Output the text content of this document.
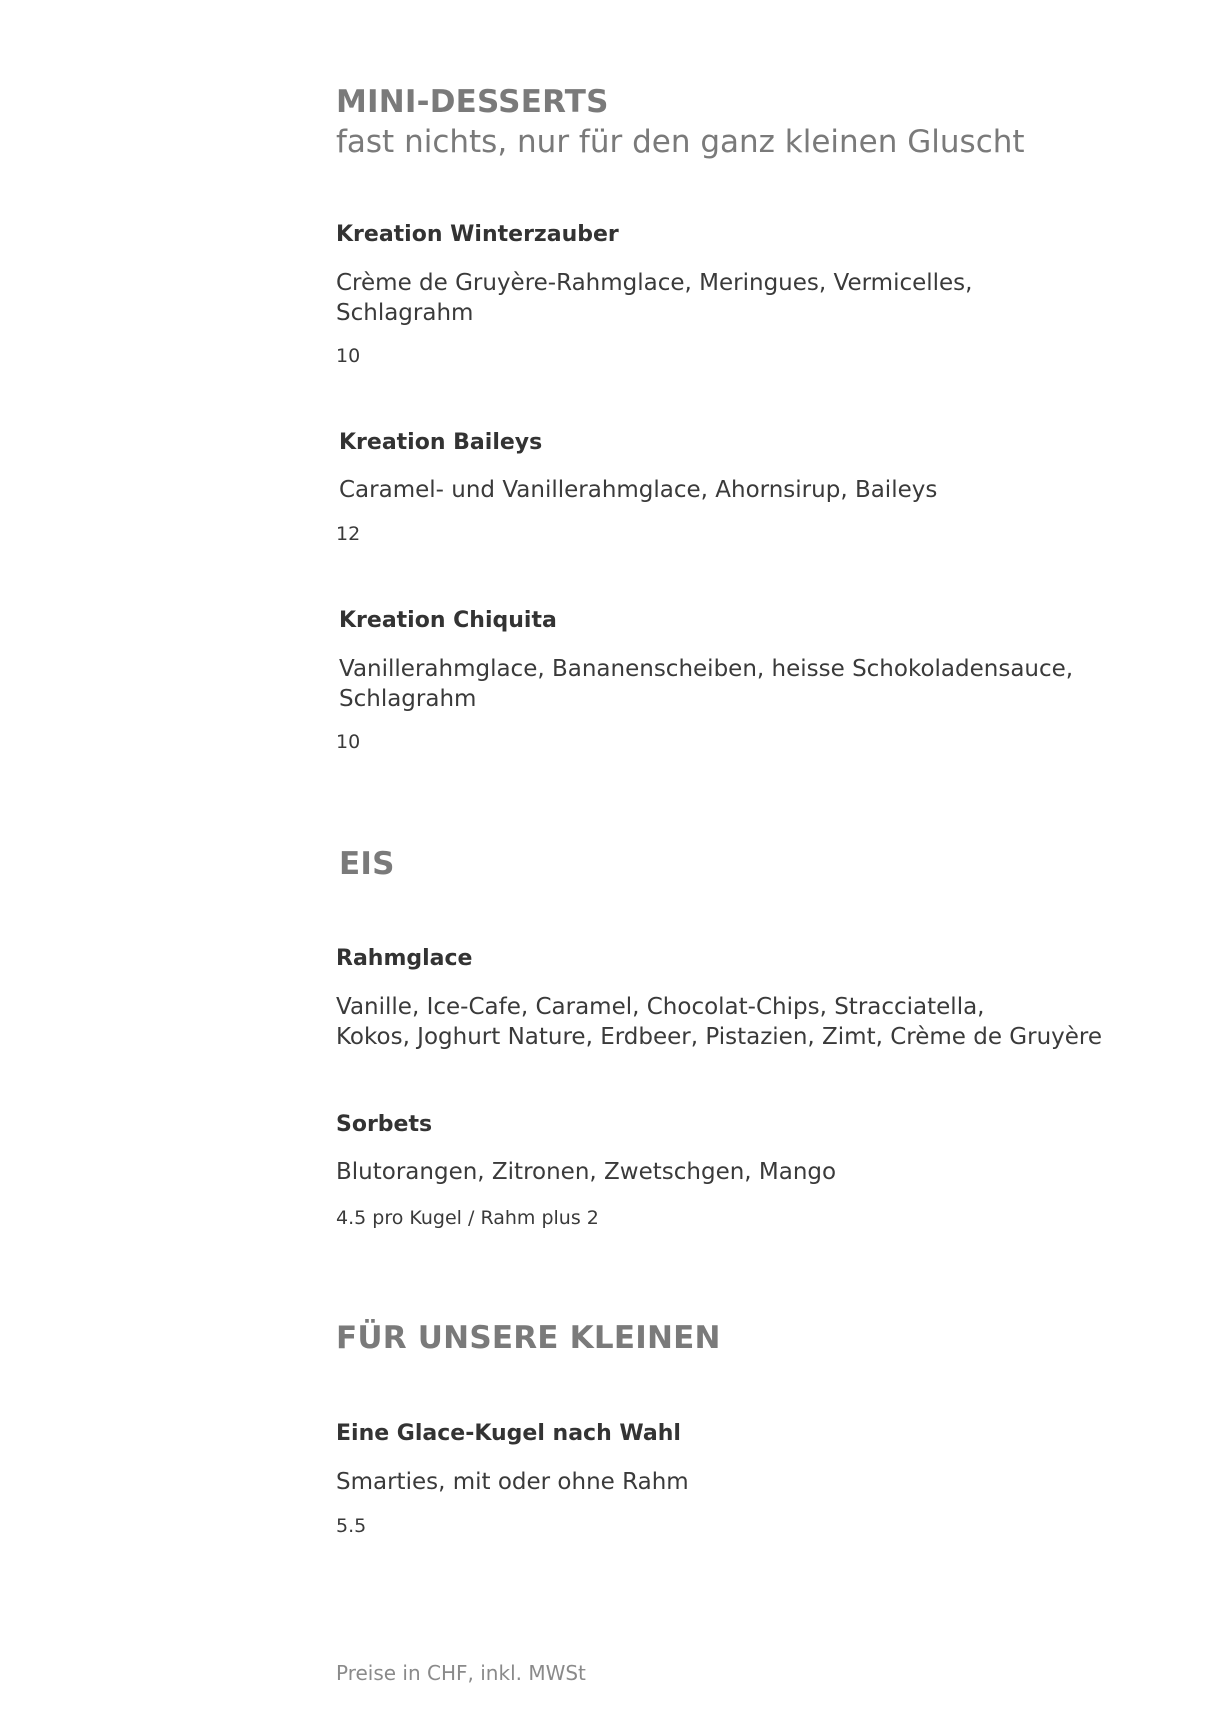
MINI-DESSERTS
fast nichts, nur für den ganz kleinen Gluscht
Kreation Winterzauber
Crème de Gruyère-Rahmglace, Meringues, Vermicelles,
Schlagrahm
10
Kreation Baileys
Caramel- und Vanillerahmglace, Ahornsirup, Baileys
12
Kreation Chiquita
Vanillerahmglace, Bananenscheiben, heisse Schokoladensauce,
Schlagrahm
10
EIS
Rahmglace
Vanille, Ice-Cafe, Caramel, Chocolat-Chips, Stracciatella,
Kokos, Joghurt Nature, Erdbeer, Pistazien, Zimt, Crème de Gruyère
Sorbets
Blutorangen, Zitronen, Zwetschgen, Mango
4.5 pro Kugel / Rahm plus 2
FÜR UNSERE KLEINEN
Eine Glace-Kugel nach Wahl
Smarties, mit oder ohne Rahm
5.5
Preise in CHF, inkl. MWSt
